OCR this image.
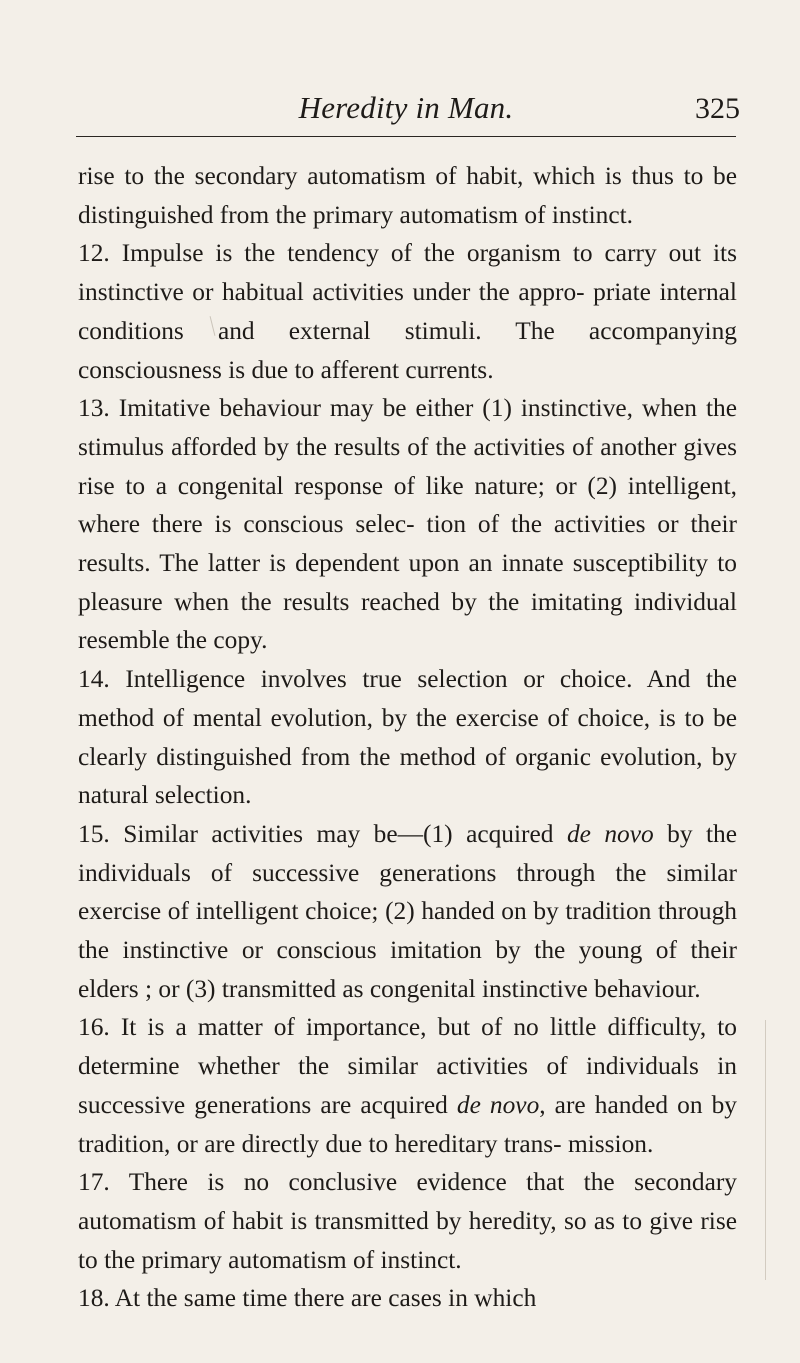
Heredity in Man.	325

rise to the secondary automatism of habit, which is thus to be distinguished from the primary automatism of instinct.

12. Impulse is the tendency of the organism to carry out its instinctive or habitual activities under the appro- priate internal conditions and external stimuli. The accompanying consciousness is due to afferent currents.

13. Imitative behaviour may be either (1) instinctive, when the stimulus afforded by the results of the activities of another gives rise to a congenital response of like nature; or (2) intelligent, where there is conscious selec- tion of the activities or their results. The latter is dependent upon an innate susceptibility to pleasure when the results reached by the imitating individual resemble the copy.

14. Intelligence involves true selection or choice. And the method of mental evolution, by the exercise of choice, is to be clearly distinguished from the method of organic evolution, by natural selection.

15. Similar activities may be—(1) acquired de novo by the individuals of successive generations through the similar exercise of intelligent choice; (2) handed on by tradition through the instinctive or conscious imitation by the young of their elders ; or (3) transmitted as congenital instinctive behaviour.

16. It is a matter of importance, but of no little difficulty, to determine whether the similar activities of individuals in successive generations are acquired de novo, are handed on by tradition, or are directly due to hereditary trans- mission.

17. There is no conclusive evidence that the secondary automatism of habit is transmitted by heredity, so as to give rise to the primary automatism of instinct.

18. At the same time there are cases in which
